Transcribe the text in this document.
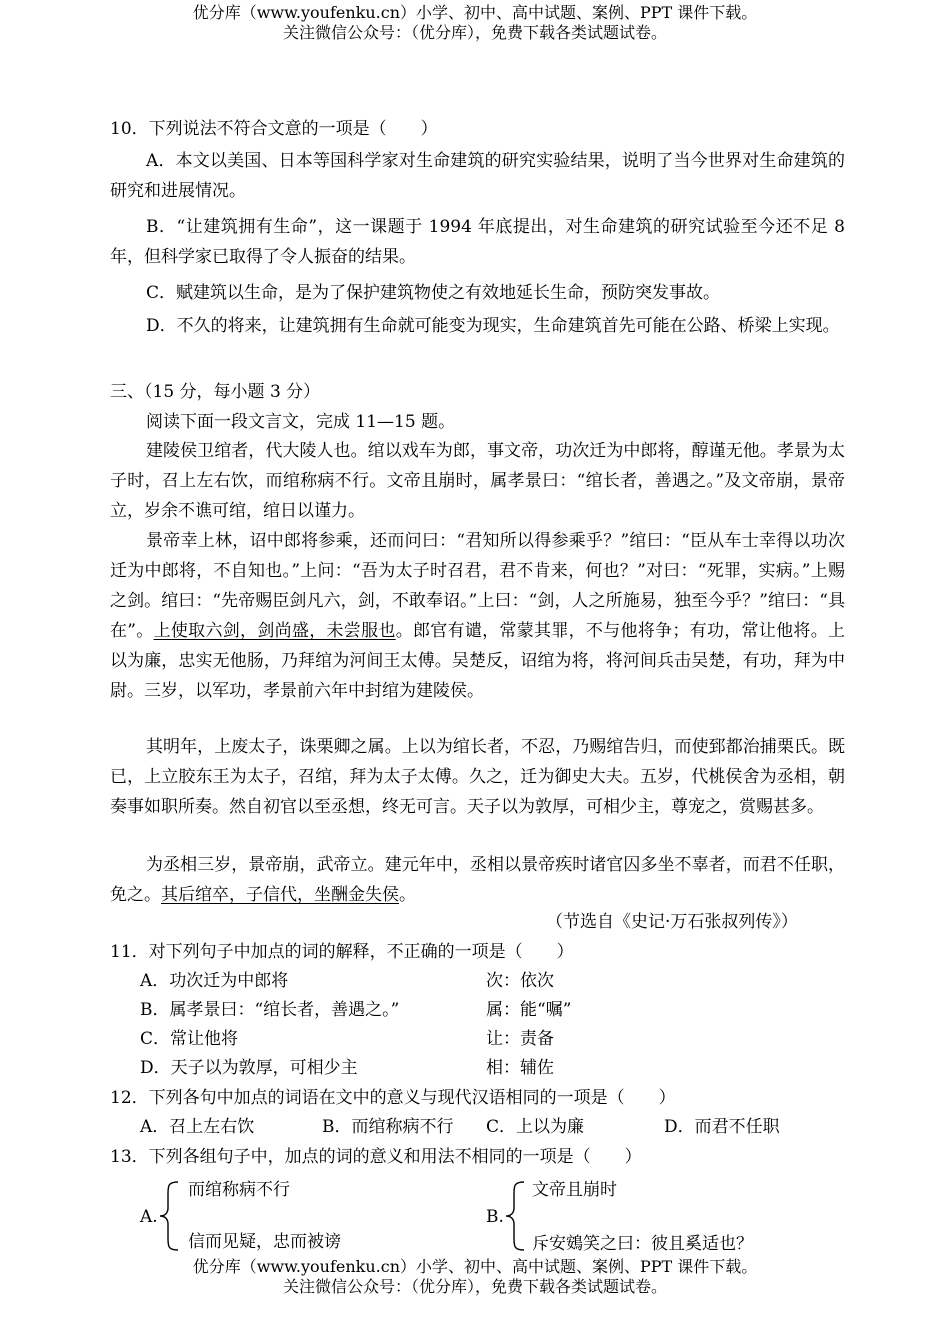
优分库（www.youfenku.cn）小学、初中、高中试题、案例、PPT 课件下载。
关注微信公众号：（优分库），免费下载各类试题试卷。
10．下列说法不符合文意的一项是（　　）
A．本文以美国、日本等国科学家对生命建筑的研究实验结果，说明了当今世界对生命建筑的研究和进展情况。
B．“让建筑拥有生命”，这一课题于 1994 年底提出，对生命建筑的研究试验至今还不足 8 年，但科学家已取得了令人振奋的结果。
C．赋建筑以生命，是为了保护建筑物使之有效地延长生命，预防突发事故。
D．不久的将来，让建筑拥有生命就可能变为现实，生命建筑首先可能在公路、桥梁上实现。
三、（15 分，每小题 3 分）
阅读下面一段文言文，完成 11—15 题。
建陵侯卫绾者，代大陵人也。绾以戏车为郎，事文帝，功次迁为中郎将，醇谨无他。孝景为太子时，召上左右饮，而绾称病不行。文帝且崩时，属孝景曰：“绾长者，善遇之。”及文帝崩，景帝立，岁余不谯可绾，绾日以谨力。
景帝幸上林，诏中郎将参乘，还而问曰：“君知所以得参乘乎？”绾曰：“臣从车士幸得以功次迁为中郎将，不自知也。”上问：“吾为太子时召君，君不肯来，何也？”对曰：“死罪，实病。”上赐之剑。绾曰：“先帝赐臣剑凡六，剑，不敢奉诏。”上曰：“剑，人之所施易，独至今乎？”绾曰：“具在”。上使取六剑，剑尚盛，未尝服也。郎官有谴，常蒙其罪，不与他将争；有功，常让他将。上以为廉，忠实无他肠，乃拜绾为河间王太傅。吴楚反，诏绾为将，将河间兵击吴楚，有功，拜为中尉。三岁，以军功，孝景前六年中封绾为建陵侯。
其明年，上废太子，诛栗卿之属。上以为绾长者，不忍，乃赐绾告归，而使郅都治捕栗氏。既已，上立胶东王为太子，召绾，拜为太子太傅。久之，迁为御史大夫。五岁，代桃侯舍为丞相，朝奏事如职所奏。然自初官以至丞想，终无可言。天子以为敦厚，可相少主，尊宠之，赏赐甚多。
为丞相三岁，景帝崩，武帝立。建元年中，丞相以景帝疾时诸官囚多坐不辜者，而君不任职，免之。其后绾卒，子信代，坐酬金失侯。
（节选自《史记·万石张叔列传》）
11．对下列句子中加点的词的解释，不正确的一项是（　　）
A．功次迁为中郎将	次：依次
B．属孝景曰：“绾长者，善遇之。”	属：能“嘱”
C．常让他将	让：责备
D．天子以为敦厚，可相少主	相：辅佐
12．下列各句中加点的词语在文中的意义与现代汉语相同的一项是（　　）
A．召上左右饮	B．而绾称病不行 C．上以为廉	D．而君不任职
13．下列各组句子中，加点的词的意义和用法不相同的一项是（　　）
A.
而绾称病不行
信而见疑，忠而被谤
B.
文帝且崩时
斥安鴳笑之曰：彼且奚适也？
优分库（www.youfenku.cn）小学、初中、高中试题、案例、PPT 课件下载。
关注微信公众号：（优分库），免费下载各类试题试卷。
